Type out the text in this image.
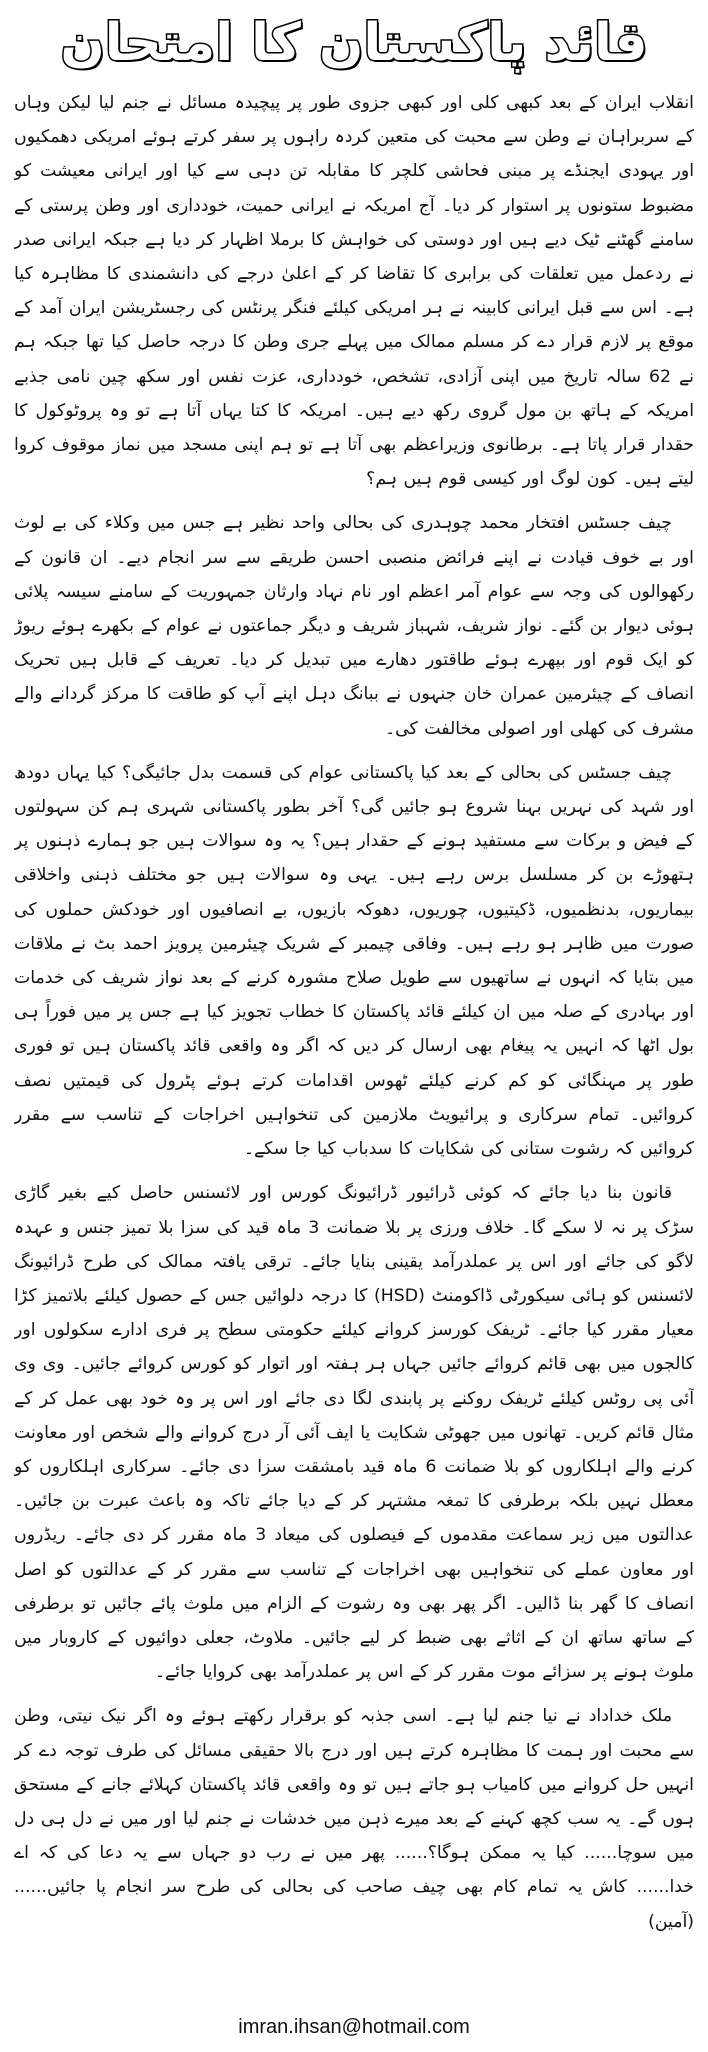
قائد پاکستان کا امتحان

انقلاب ایران کے بعد کبھی کلی اور کبھی جزوی طور پر پیچیدہ مسائل نے جنم لیا لیکن وہاں کے سربراہان نے وطن سے محبت کی متعین کردہ راہوں پر سفر کرتے ہوئے امریکی دھمکیوں اور یہودی ایجنڈے پر مبنی فحاشی کلچر کا مقابلہ تن دہی سے کیا اور ایرانی معیشت کو مضبوط ستونوں پر استوار کر دیا۔ آج امریکہ نے ایرانی حمیت، خودداری اور وطن پرستی کے سامنے گھٹنے ٹیک دیے ہیں اور دوستی کی خواہش کا برملا اظہار کر دیا ہے جبکہ ایرانی صدر نے ردعمل میں تعلقات کی برابری کا تقاضا کر کے اعلیٰ درجے کی دانشمندی کا مظاہرہ کیا ہے۔ اس سے قبل ایرانی کابینہ نے ہر امریکی کیلئے فنگر پرنٹس کی رجسٹریشن ایران آمد کے موقع پر لازم قرار دے کر مسلم ممالک میں پہلے جری وطن کا درجہ حاصل کیا تھا جبکہ ہم نے 62 سالہ تاریخ میں اپنی آزادی، تشخص، خودداری، عزت نفس اور سکھ چین نامی جذبے امریکہ کے ہاتھ بن مول گروی رکھ دیے ہیں۔ امریکہ کا کتا یہاں آتا ہے تو وہ پروٹوکول کا حقدار قرار پاتا ہے۔ برطانوی وزیراعظم بھی آتا ہے تو ہم اپنی مسجد میں نماز موقوف کروا لیتے ہیں۔ کون لوگ اور کیسی قوم ہیں ہم؟

چیف جسٹس افتخار محمد چوہدری کی بحالی واحد نظیر ہے جس میں وکلاء کی بے لوث اور بے خوف قیادت نے اپنے فرائض منصبی احسن طریقے سے سر انجام دیے۔ ان قانون کے رکھوالوں کی وجہ سے عوام آمر اعظم اور نام نہاد وارثان جمہوریت کے سامنے سیسہ پلائی ہوئی دیوار بن گئے۔ نواز شریف، شہباز شریف و دیگر جماعتوں نے عوام کے بکھرے ہوئے ریوڑ کو ایک قوم اور بپھرے ہوئے طاقتور دھارے میں تبدیل کر دیا۔ تعریف کے قابل ہیں تحریک انصاف کے چیئرمین عمران خان جنہوں نے ببانگ دہل اپنے آپ کو طاقت کا مرکز گردانے والے مشرف کی کھلی اور اصولی مخالفت کی۔

چیف جسٹس کی بحالی کے بعد کیا پاکستانی عوام کی قسمت بدل جائیگی؟ کیا یہاں دودھ اور شہد کی نہریں بہنا شروع ہو جائیں گی؟ آخر بطور پاکستانی شہری ہم کن سہولتوں کے فیض و برکات سے مستفید ہونے کے حقدار ہیں؟ یہ وہ سوالات ہیں جو ہمارے ذہنوں پر ہتھوڑے بن کر مسلسل برس رہے ہیں۔ یہی وہ سوالات ہیں جو مختلف ذہنی واخلاقی بیماریوں، بدنظمیوں، ڈکیتیوں، چوریوں، دھوکہ بازیوں، بے انصافیوں اور خودکش حملوں کی صورت میں ظاہر ہو رہے ہیں۔ وفاقی چیمبر کے شریک چیئرمین پرویز احمد بٹ نے ملاقات میں بتایا کہ انہوں نے ساتھیوں سے طویل صلاح مشورہ کرنے کے بعد نواز شریف کی خدمات اور بہادری کے صلہ میں ان کیلئے قائد پاکستان کا خطاب تجویز کیا ہے جس پر میں فوراً ہی بول اٹھا کہ انہیں یہ پیغام بھی ارسال کر دیں کہ اگر وہ واقعی قائد پاکستان ہیں تو فوری طور پر مہنگائی کو کم کرنے کیلئے ٹھوس اقدامات کرتے ہوئے پٹرول کی قیمتیں نصف کروائیں۔ تمام سرکاری و پرائیویٹ ملازمین کی تنخواہیں اخراجات کے تناسب سے مقرر کروائیں کہ رشوت ستانی کی شکایات کا سدباب کیا جا سکے۔

قانون بنا دیا جائے کہ کوئی ڈرائیور ڈرائیونگ کورس اور لائسنس حاصل کیے بغیر گاڑی سڑک پر نہ لا سکے گا۔ خلاف ورزی پر بلا ضمانت 3 ماہ قید کی سزا بلا تمیز جنس و عہدہ لاگو کی جائے اور اس پر عملدرآمد یقینی بنایا جائے۔ ترقی یافتہ ممالک کی طرح ڈرائیونگ لائسنس کو ہائی سیکورٹی ڈاکومنٹ (HSD) کا درجہ دلوائیں جس کے حصول کیلئے بلاتمیز کڑا معیار مقرر کیا جائے۔ ٹریفک کورسز کروانے کیلئے حکومتی سطح پر فری ادارے سکولوں اور کالجوں میں بھی قائم کروائے جائیں جہاں ہر ہفتہ اور اتوار کو کورس کروائے جائیں۔ وی وی آئی پی روٹس کیلئے ٹریفک روکنے پر پابندی لگا دی جائے اور اس پر وہ خود بھی عمل کر کے مثال قائم کریں۔ تھانوں میں جھوٹی شکایت یا ایف آئی آر درج کروانے والے شخص اور معاونت کرنے والے اہلکاروں کو بلا ضمانت 6 ماہ قید بامشقت سزا دی جائے۔ سرکاری اہلکاروں کو معطل نہیں بلکہ برطرفی کا تمغہ مشتہر کر کے دیا جائے تاکہ وہ باعث عبرت بن جائیں۔ عدالتوں میں زیر سماعت مقدموں کے فیصلوں کی میعاد 3 ماہ مقرر کر دی جائے۔ ریڈروں اور معاون عملے کی تنخواہیں بھی اخراجات کے تناسب سے مقرر کر کے عدالتوں کو اصل انصاف کا گھر بنا ڈالیں۔ اگر پھر بھی وہ رشوت کے الزام میں ملوث پائے جائیں تو برطرفی کے ساتھ ساتھ ان کے اثاثے بھی ضبط کر لیے جائیں۔ ملاوٹ، جعلی دوائیوں کے کاروبار میں ملوث ہونے پر سزائے موت مقرر کر کے اس پر عملدرآمد بھی کروایا جائے۔

ملک خداداد نے نیا جنم لیا ہے۔ اسی جذبہ کو برقرار رکھتے ہوئے وہ اگر نیک نیتی، وطن سے محبت اور ہمت کا مظاہرہ کرتے ہیں اور درج بالا حقیقی مسائل کی طرف توجہ دے کر انہیں حل کروانے میں کامیاب ہو جاتے ہیں تو وہ واقعی قائد پاکستان کہلائے جانے کے مستحق ہوں گے۔ یہ سب کچھ کہنے کے بعد میرے ذہن میں خدشات نے جنم لیا اور میں نے دل ہی دل میں سوچا...... کیا یہ ممکن ہوگا؟...... پھر میں نے رب دو جہاں سے یہ دعا کی کہ اے خدا...... کاش یہ تمام کام بھی چیف صاحب کی بحالی کی طرح سر انجام پا جائیں...... (آمین)

imran.ihsan@hotmail.com
